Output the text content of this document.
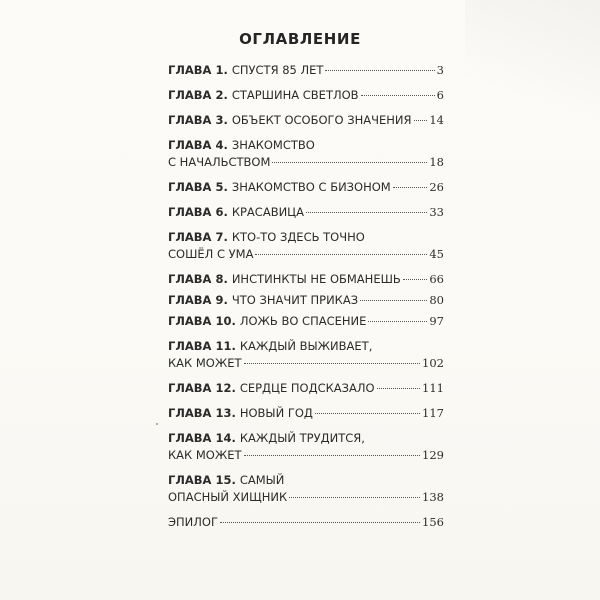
ОГЛАВЛЕНИЕ
ГЛАВА 1. СПУСТЯ 85 ЛЕТ	3
ГЛАВА 2. СТАРШИНА СВЕТЛОВ	6
ГЛАВА 3. ОБЪЕКТ ОСОБОГО ЗНАЧЕНИЯ 14
ГЛАВА 4. ЗНАКОМСТВО
С НАЧАЛЬСТВОМ	18
ГЛАВА 5. ЗНАКОМСТВО С БИЗОНОМ	26
ГЛАВА 6. КРАСАВИЦА	33
ГЛАВА 7. КТО-ТО ЗДЕСЬ ТОЧНО
СОШЁЛ С УМА	45
ГЛАВА 8. ИНСТИНКТЫ НЕ ОБМАНЕШЬ 66
ГЛАВА 9. ЧТО ЗНАЧИТ ПРИКАЗ	80
ГЛАВА 10. ЛОЖЬ ВО СПАСЕНИЕ	97
ГЛАВА 11. КАЖДЫЙ ВЫЖИВАЕТ,
КАК МОЖЕТ	102
ГЛАВА 12. СЕРДЦЕ ПОДСКАЗАЛО	111
ГЛАВА 13. НОВЫЙ ГОД	117
ГЛАВА 14. КАЖДЫЙ ТРУДИТСЯ,
КАК МОЖЕТ	129
ГЛАВА 15. САМЫЙ
ОПАСНЫЙ ХИЩНИК	138
ЭПИЛОГ	156
